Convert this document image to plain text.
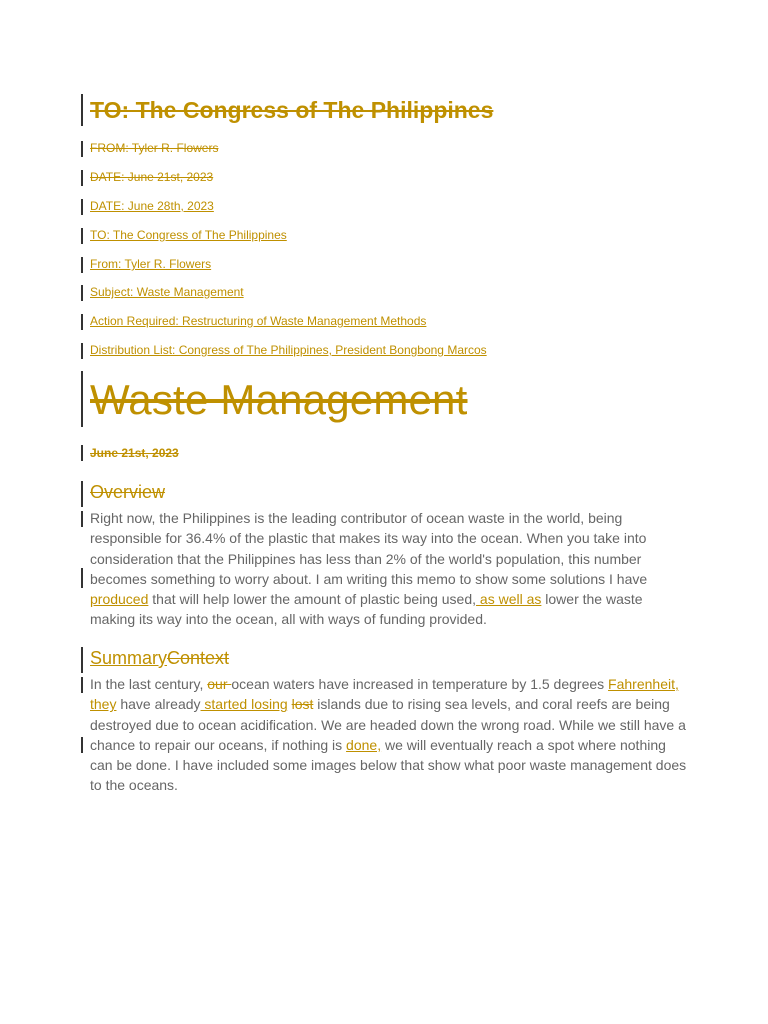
TO: The Congress of The Philippines
FROM: Tyler R. Flowers
DATE: June 21st, 2023
DATE: June 28th, 2023
TO: The Congress of The Philippines
From: Tyler R. Flowers
Subject: Waste Management
Action Required: Restructuring of Waste Management Methods
Distribution List: Congress of The Philippines, President Bongbong Marcos
Waste Management
June 21st, 2023
Overview
Right now, the Philippines is the leading contributor of ocean waste in the world, being responsible for 36.4% of the plastic that makes its way into the ocean. When you take into consideration that the Philippines has less than 2% of the world's population, this number becomes something to worry about. I am writing this memo to show some solutions I have produced that will help lower the amount of plastic being used, as well as lower the waste making its way into the ocean, all with ways of funding provided.
SummaryContext
In the last century, our ocean waters have increased in temperature by 1.5 degrees Fahrenheit, they have already started losing lost islands due to rising sea levels, and coral reefs are being destroyed due to ocean acidification. We are headed down the wrong road. While we still have a chance to repair our oceans, if nothing is done, we will eventually reach a spot where nothing can be done. I have included some images below that show what poor waste management does to the oceans.
